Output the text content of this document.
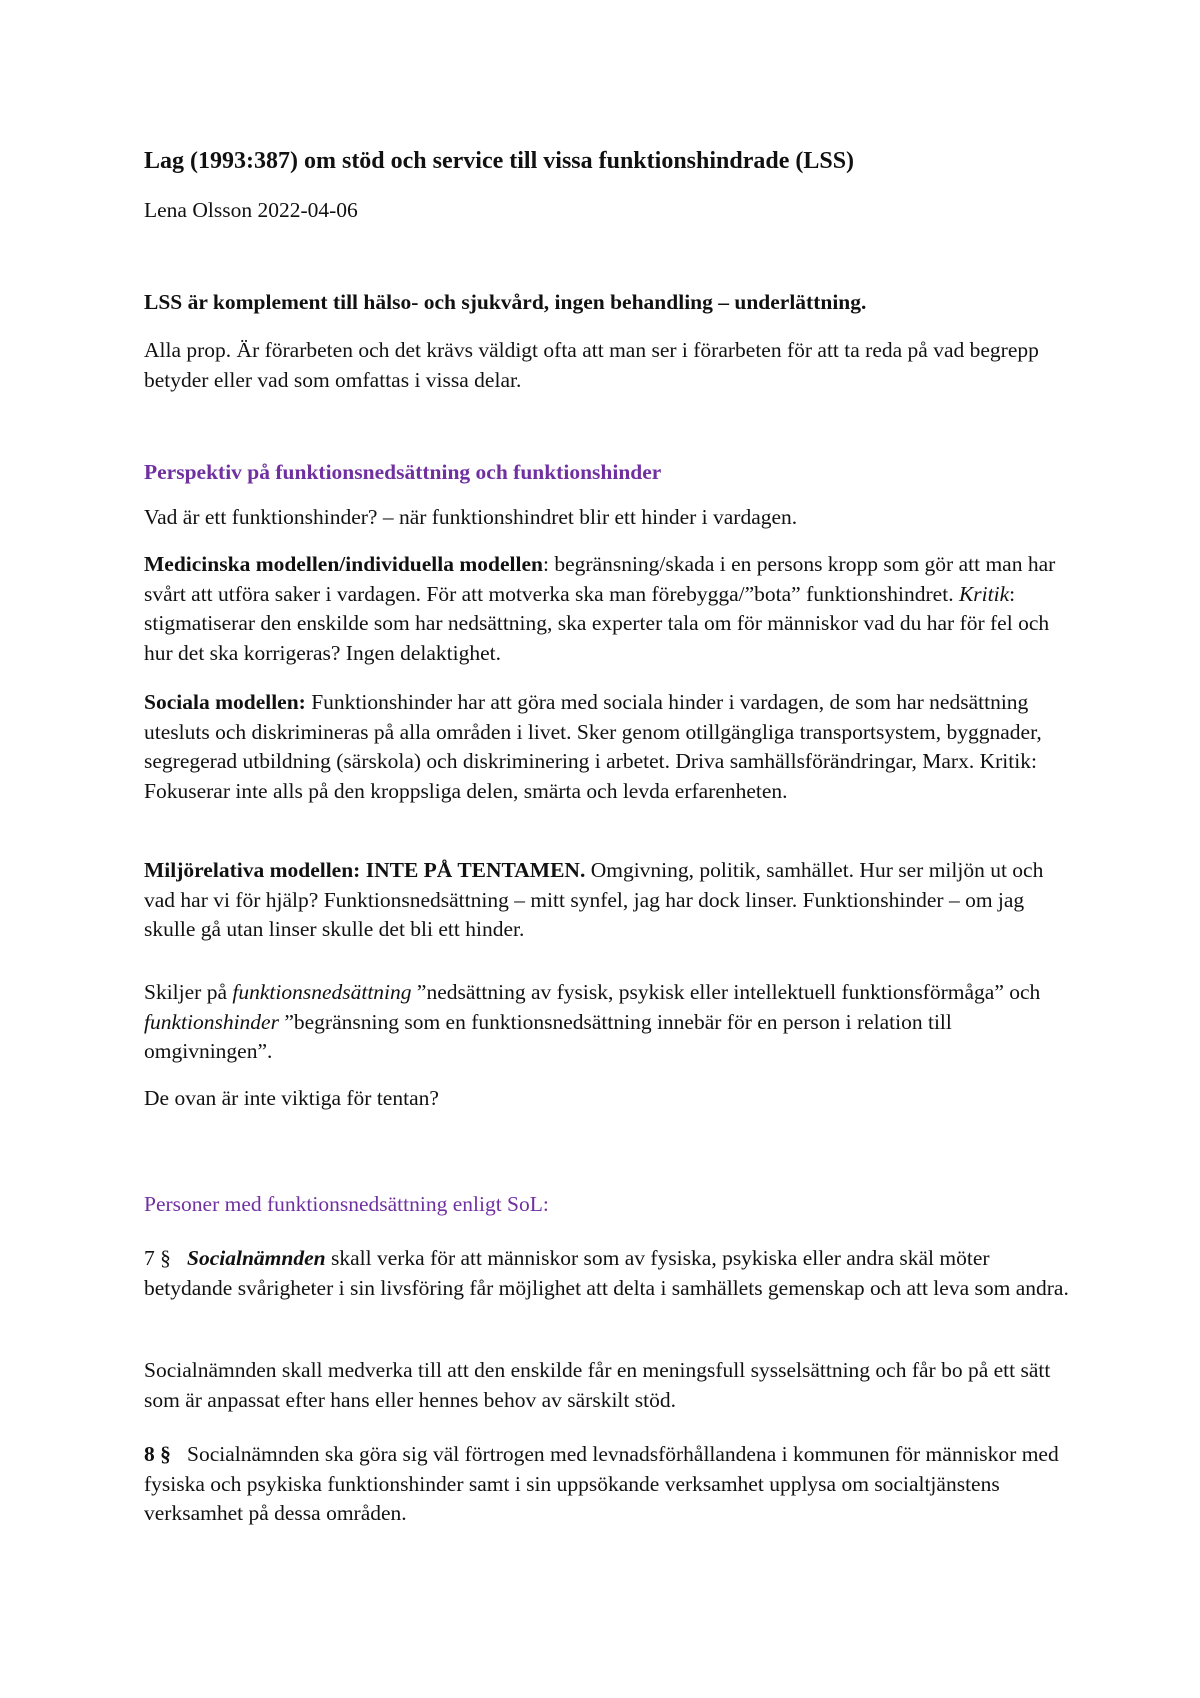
Lag (1993:387) om stöd och service till vissa funktionshindrade (LSS)

Lena Olsson 2022-04-06

LSS är komplement till hälso- och sjukvård, ingen behandling – underlättning.

Alla prop. Är förarbeten och det krävs väldigt ofta att man ser i förarbeten för att ta reda på vad begrepp betyder eller vad som omfattas i vissa delar.

Perspektiv på funktionsnedsättning och funktionshinder

Vad är ett funktionshinder? – när funktionshindret blir ett hinder i vardagen.

Medicinska modellen/individuella modellen: begränsning/skada i en persons kropp som gör att man har svårt att utföra saker i vardagen. För att motverka ska man förebygga/”bota” funktionshindret. Kritik: stigmatiserar den enskilde som har nedsättning, ska experter tala om för människor vad du har för fel och hur det ska korrigeras? Ingen delaktighet.

Sociala modellen: Funktionshinder har att göra med sociala hinder i vardagen, de som har nedsättning utesluts och diskrimineras på alla områden i livet. Sker genom otillgängliga transportsystem, byggnader, segregerad utbildning (särskola) och diskriminering i arbetet. Driva samhällsförändringar, Marx. Kritik: Fokuserar inte alls på den kroppsliga delen, smärta och levda erfarenheten.

Miljörelativa modellen: INTE PÅ TENTAMEN. Omgivning, politik, samhället. Hur ser miljön ut och vad har vi för hjälp? Funktionsnedsättning – mitt synfel, jag har dock linser. Funktionshinder – om jag skulle gå utan linser skulle det bli ett hinder.

Skiljer på funktionsnedsättning ”nedsättning av fysisk, psykisk eller intellektuell funktionsförmåga” och funktionshinder ”begränsning som en funktionsnedsättning innebär för en person i relation till omgivningen”.

De ovan är inte viktiga för tentan?

Personer med funktionsnedsättning enligt SoL:

7 § Socialnämnden skall verka för att människor som av fysiska, psykiska eller andra skäl möter betydande svårigheter i sin livsföring får möjlighet att delta i samhällets gemenskap och att leva som andra.

Socialnämnden skall medverka till att den enskilde får en meningsfull sysselsättning och får bo på ett sätt som är anpassat efter hans eller hennes behov av särskilt stöd.

8 § Socialnämnden ska göra sig väl förtrogen med levnadsförhållandena i kommunen för människor med fysiska och psykiska funktionshinder samt i sin uppsökande verksamhet upplysa om socialtjänstens verksamhet på dessa områden.
